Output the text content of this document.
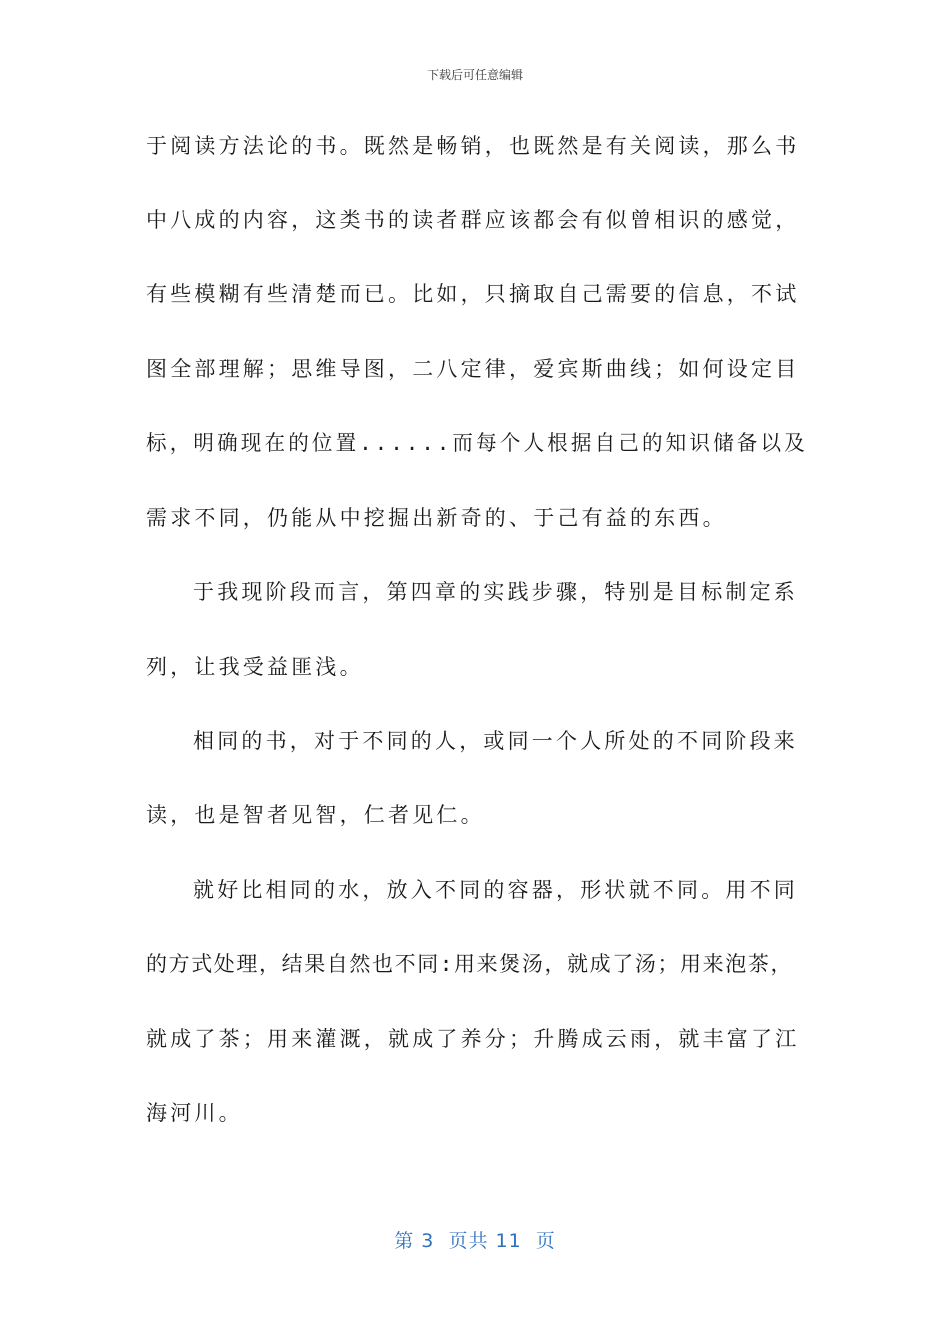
下载后可任意编辑
于阅读方法论的书。既然是畅销，也既然是有关阅读，那么书
中八成的内容，这类书的读者群应该都会有似曾相识的感觉，
有些模糊有些清楚而已。比如，只摘取自己需要的信息，不试
图全部理解；思维导图，二八定律，爱宾斯曲线；如何设定目
标，明确现在的位置......而每个人根据自己的知识储备以及
需求不同，仍能从中挖掘出新奇的、于己有益的东西。
于我现阶段而言，第四章的实践步骤，特别是目标制定系
列，让我受益匪浅。
相同的书，对于不同的人，或同一个人所处的不同阶段来
读，也是智者见智，仁者见仁。
就好比相同的水，放入不同的容器，形状就不同。用不同
的方式处理，结果自然也不同:用来煲汤，就成了汤；用来泡茶，
就成了茶；用来灌溉，就成了养分；升腾成云雨，就丰富了江
海河川。
第 3  页共 11  页
